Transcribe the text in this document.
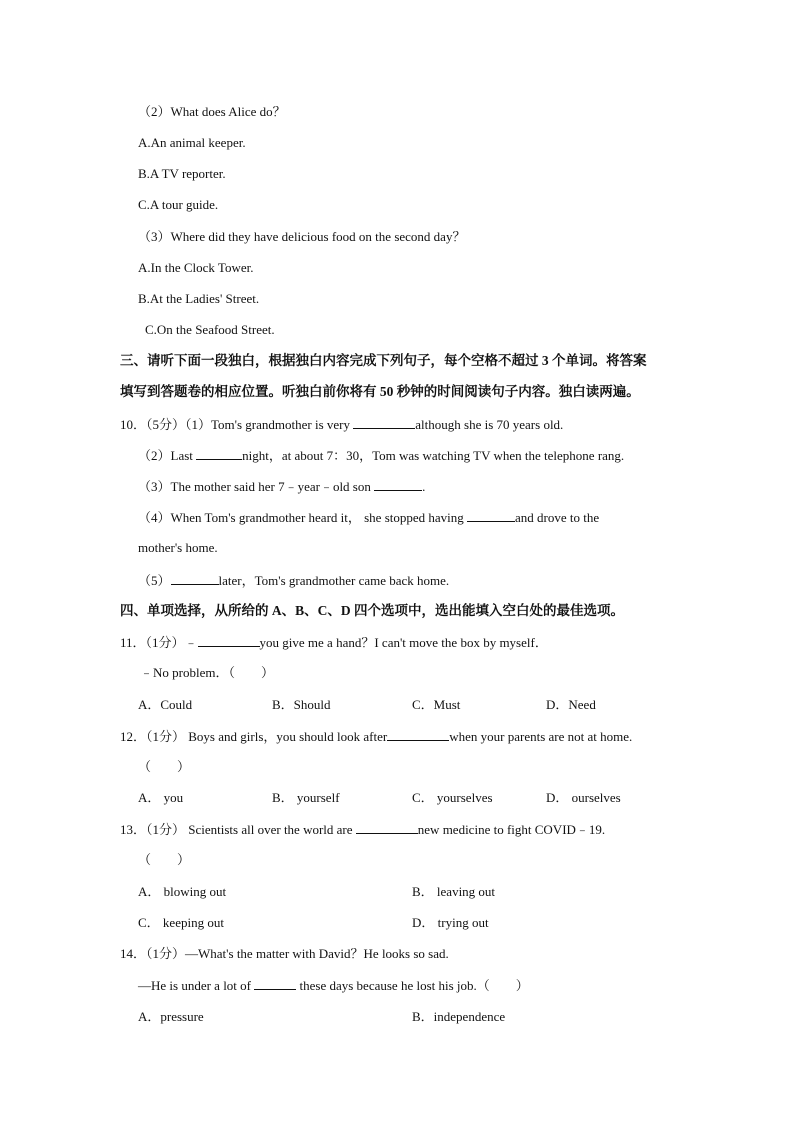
（2）What does Alice do？
A.An animal keeper.
B.A TV reporter.
C.A tour guide.
（3）Where did they have delicious food on the second day？
A.In the Clock Tower.
B.At the Ladies' Street.
C.On the Seafood Street.
三、请听下面一段独白，根据独白内容完成下列句子，每个空格不超过 3 个单词。将答案
填写到答题卷的相应位置。听独白前你将有 50 秒钟的时间阅读句子内容。独白读两遍。
10．（5分）（1）Tom's grandmother is very	although she is 70 years old.
（2）Last	night，at about 7：30，Tom was watching TV when the telephone rang.
（3）The mother said her 7﹣year﹣old son	.
（4）When Tom's grandmother heard it， she stopped having	and drove to the
mother's home.
（5）	later，Tom's grandmother came back home.
四、单项选择，从所给的 A、B、C、D 四个选项中，选出能填入空白处的最佳选项。
11．（1分）﹣	you give me a hand？I can't move the box by myself．
﹣No problem．（　　）
A．Could	B．Should	C．Must	D．Need
12．（1分） Boys and girls，you should look after	when your parents are not at home.
（　　）
A． you	B． yourself	C． yourselves	D． ourselves
13．（1分） Scientists all over the world are	new medicine to fight COVID﹣19.
（　　）
A． blowing out	B． leaving out
C． keeping out	D． trying out
14．（1分）—What's the matter with David？He looks so sad.
—He is under a lot of	these days because he lost his job.（　　）
A．pressure	B．independence
